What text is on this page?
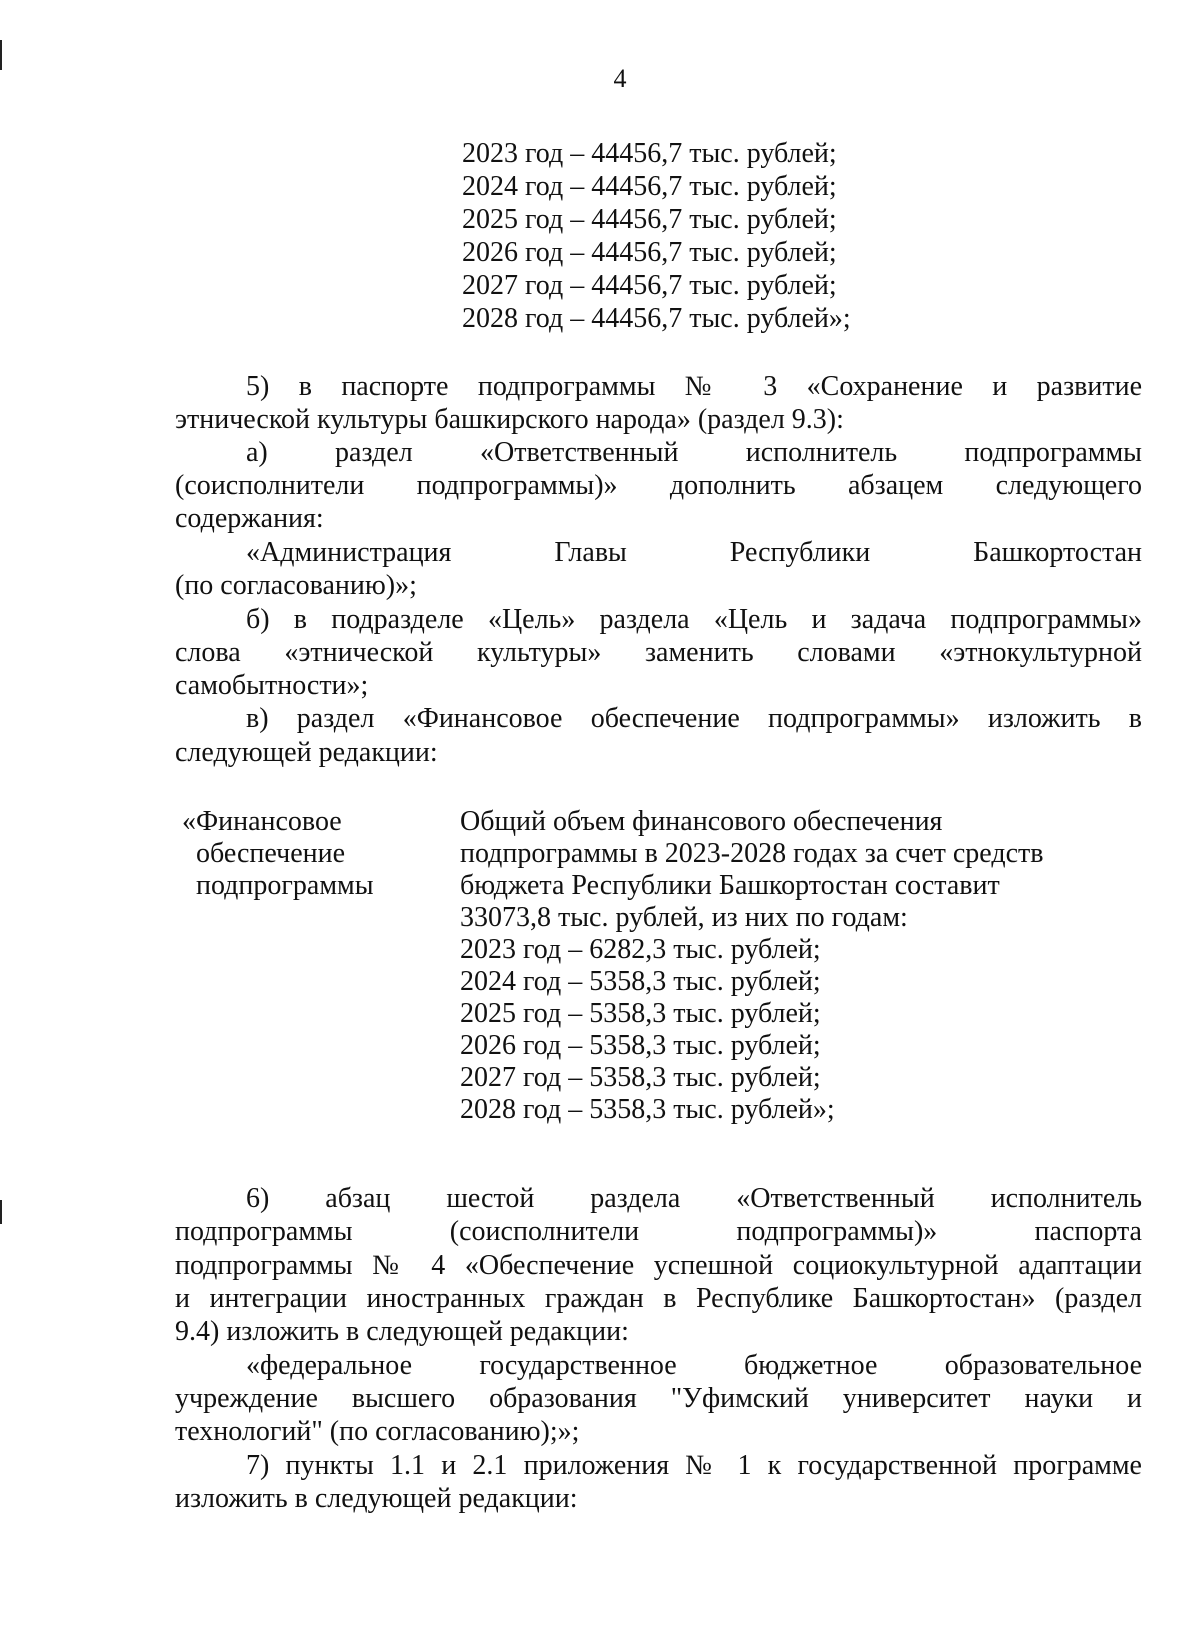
4
2023 год – 44456,7 тыс. рублей;
2024 год – 44456,7 тыс. рублей;
2025 год – 44456,7 тыс. рублей;
2026 год – 44456,7 тыс. рублей;
2027 год – 44456,7 тыс. рублей;
2028 год – 44456,7 тыс. рублей»;
5) в паспорте подпрограммы № 3 «Сохранение и развитие
этнической культуры башкирского народа» (раздел 9.3):
а) раздел «Ответственный исполнитель подпрограммы
(соисполнители подпрограммы)» дополнить абзацем следующего
содержания:
«Администрация Главы Республики Башкортостан
(по согласованию)»;
б) в подразделе «Цель» раздела «Цель и задача подпрограммы»
слова «этнической культуры» заменить словами «этнокультурной
самобытности»;
в) раздел «Финансовое обеспечение подпрограммы» изложить в
следующей редакции:
«Финансовое
обеспечение
подпрограммы
Общий объем финансового обеспечения
подпрограммы в 2023-2028 годах за счет средств
бюджета Республики Башкортостан составит
33073,8 тыс. рублей, из них по годам:
2023 год – 6282,3 тыс. рублей;
2024 год – 5358,3 тыс. рублей;
2025 год – 5358,3 тыс. рублей;
2026 год – 5358,3 тыс. рублей;
2027 год – 5358,3 тыс. рублей;
2028 год – 5358,3 тыс. рублей»;
6) абзац шестой раздела «Ответственный исполнитель
подпрограммы (соисполнители подпрограммы)» паспорта
подпрограммы № 4 «Обеспечение успешной социокультурной адаптации
и интеграции иностранных граждан в Республике Башкортостан» (раздел
9.4) изложить в следующей редакции:
«федеральное государственное бюджетное образовательное
учреждение высшего образования "Уфимский университет науки и
технологий" (по согласованию);»;
7) пункты 1.1 и 2.1 приложения № 1 к государственной программе
изложить в следующей редакции:
